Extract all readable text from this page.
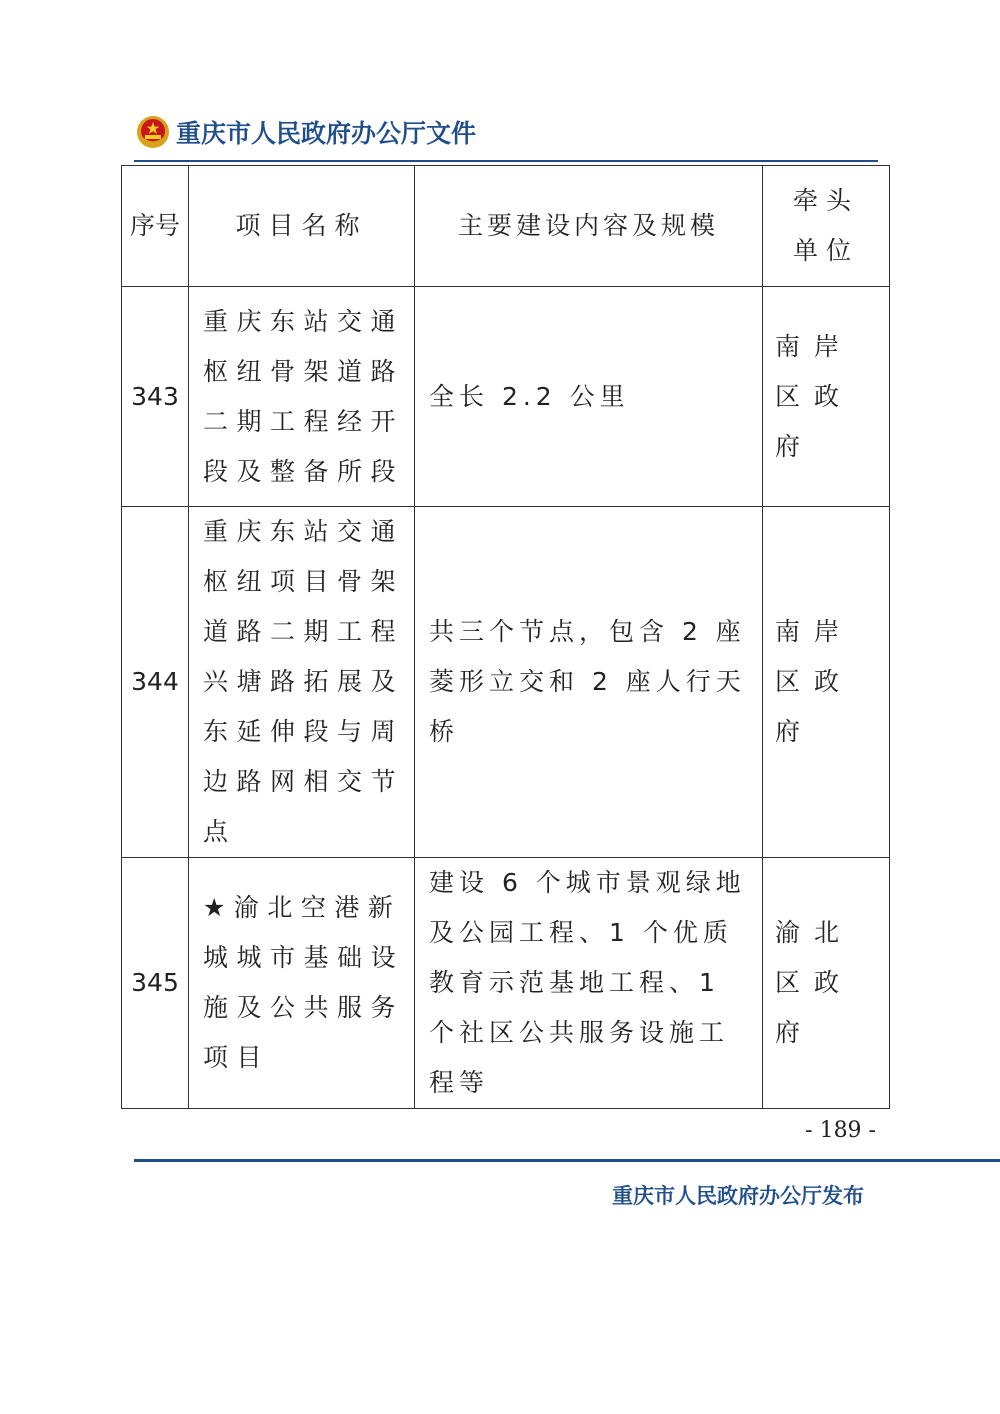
重庆市人民政府办公厅文件
序号	项目名称	主要建设内容及规模	牵头单位

343	重庆东站交通枢纽骨架道路二期工程经开段及整备所段	全长 2.2 公里	南岸区政府

344	重庆东站交通枢纽项目骨架道路二期工程兴塘路拓展及东延伸段与周边路网相交节点	共三个节点，包含 2 座菱形立交和 2 座人行天桥	南岸区政府

345	★渝北空港新城城市基础设施及公共服务项目	建设 6 个城市景观绿地及公园工程、1 个优质教育示范基地工程、1 个社区公共服务设施工程等	渝北区政府
- 189 -
重庆市人民政府办公厅发布
